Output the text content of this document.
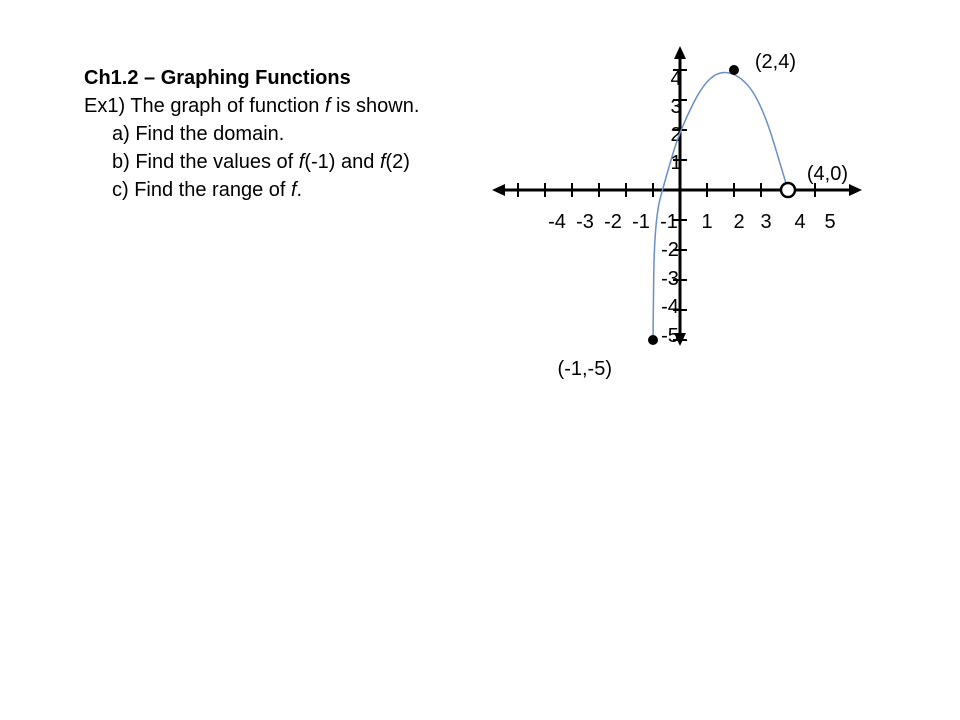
Ch1.2 – Graphing Functions
Ex1) The graph of function f is shown.
a) Find the domain.
b) Find the values of f(-1) and f(2)
c) Find the range of f.
-4 -3 -2 -1 -1 1 2 3 4 5
4
3
2
1
-2
-3
-4
-5
(2,4)
(4,0)
(-1,-5)
